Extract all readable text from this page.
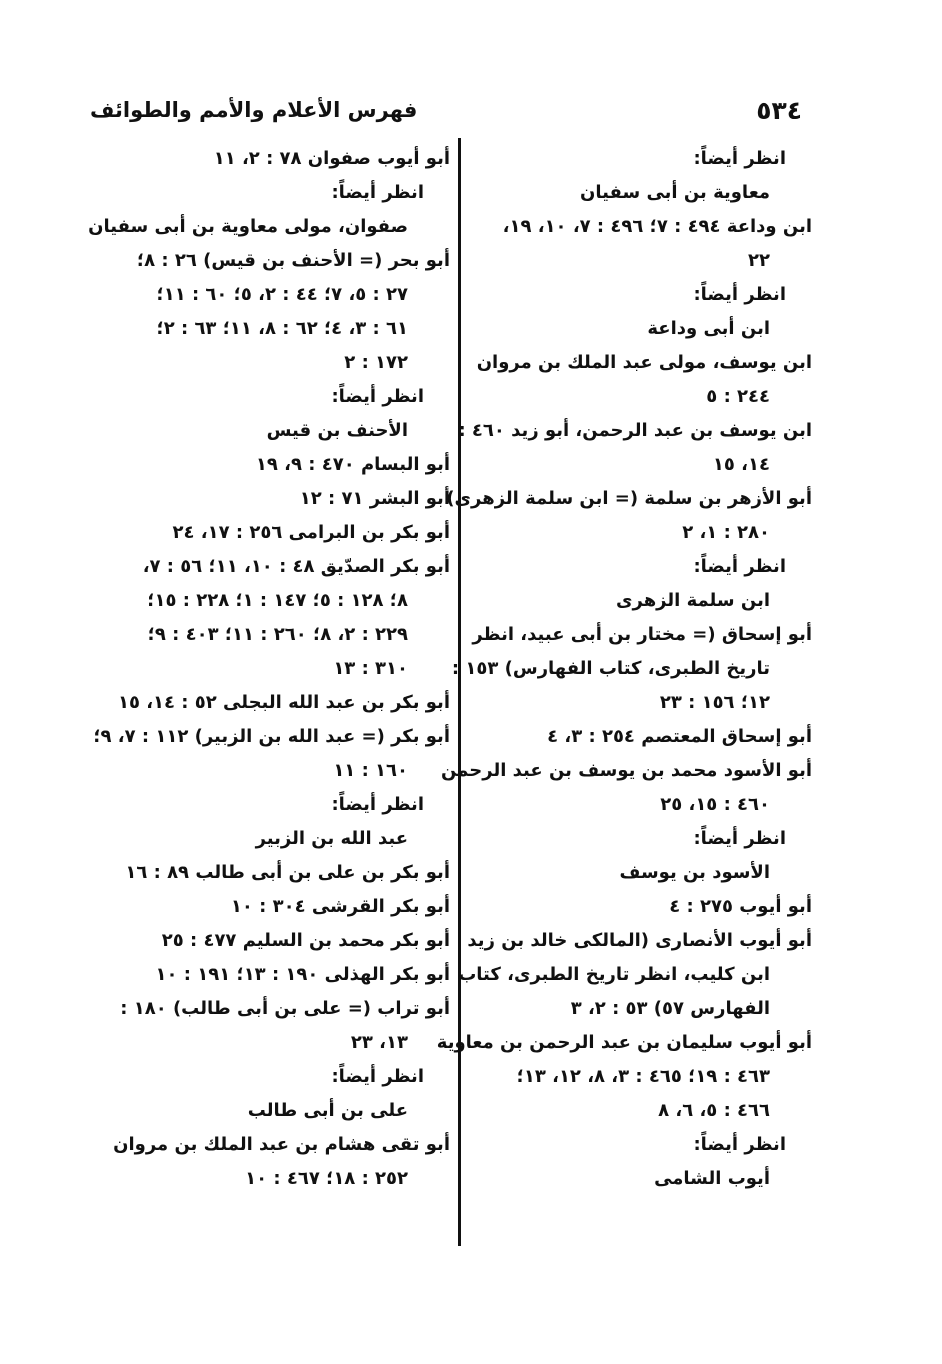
٥٣٤
فهرس الأعلام والأمم والطوائف
انظر أيضاً:
معاوية بن أبى سفيان
ابن وداعة ٤٩٤ : ٧؛ ٤٩٦ : ٧، ١٠، ١٩،
٢٢
انظر أيضاً:
ابن أبى وداعة
ابن يوسف، مولى عبد الملك بن مروان
٢٤٤ : ٥
ابن يوسف بن عبد الرحمن، أبو زيد ٤٦٠ :
١٤، ١٥
أبو الأزهر بن سلمة (= ابن سلمة الزهرى)
٢٨٠ : ١، ٢
انظر أيضاً:
ابن سلمة الزهرى
أبو إسحاق (= مختار بن أبى عبيد، انظر
تاريخ الطبرى، كتاب الفهارس) ١٥٣ :
١٢؛ ١٥٦ : ٢٣
أبو إسحاق المعتصم ٢٥٤ : ٣، ٤
أبو الأسود محمد بن يوسف بن عبد الرحمن
٤٦٠ : ١٥، ٢٥
انظر أيضاً:
الأسود بن يوسف
أبو أيوب ٢٧٥ : ٤
أبو أيوب الأنصارى (المالكى خالد بن زيد
ابن كليب، انظر تاريخ الطبرى، كتاب
الفهارس ٥٧) ٥٣ : ٢، ٣
أبو أيوب سليمان بن عبد الرحمن بن معاوية
٤٦٣ : ١٩؛ ٤٦٥ : ٣، ٨، ١٢، ١٣؛
٤٦٦ : ٥، ٦، ٨
انظر أيضاً:
أيوب الشامى
أبو أيوب صفوان ٧٨ : ٢، ١١
انظر أيضاً:
صفوان، مولى معاوية بن أبى سفيان
أبو بحر (= الأحنف بن قيس) ٢٦ : ٨؛
٢٧ : ٥، ٧؛ ٤٤ : ٢، ٥؛ ٦٠ : ١١؛
٦١ : ٣، ٤؛ ٦٢ : ٨، ١١؛ ٦٣ : ٢؛
١٧٢ : ٢
انظر أيضاً:
الأحنف بن قيس
أبو البسام ٤٧٠ : ٩، ١٩
أبو البشر ٧١ : ١٢
أبو بكر بن البرامى ٢٥٦ : ١٧، ٢٤
أبو بكر الصدّيق ٤٨ : ١٠، ١١؛ ٥٦ : ٧،
٨؛ ١٢٨ : ٥؛ ١٤٧ : ١؛ ٢٢٨ : ١٥؛
٢٢٩ : ٢، ٨؛ ٢٦٠ : ١١؛ ٤٠٣ : ٩؛
٣١٠ : ١٣
أبو بكر بن عبد الله البجلى ٥٢ : ١٤، ١٥
أبو بكر (= عبد الله بن الزبير) ١١٢ : ٧، ٩؛
١٦٠ : ١١
انظر أيضاً:
عبد الله بن الزبير
أبو بكر بن على بن أبى طالب ٨٩ : ١٦
أبو بكر القرشى ٣٠٤ : ١٠
أبو بكر محمد بن السليم ٤٧٧ : ٢٥
أبو بكر الهذلى ١٩٠ : ١٣؛ ١٩١ : ١٠
أبو تراب (= على بن أبى طالب) ١٨٠ :
١٣، ٢٣
انظر أيضاً:
على بن أبى طالب
أبو تقى هشام بن عبد الملك بن مروان
٢٥٢ : ١٨؛ ٤٦٧ : ١٠
